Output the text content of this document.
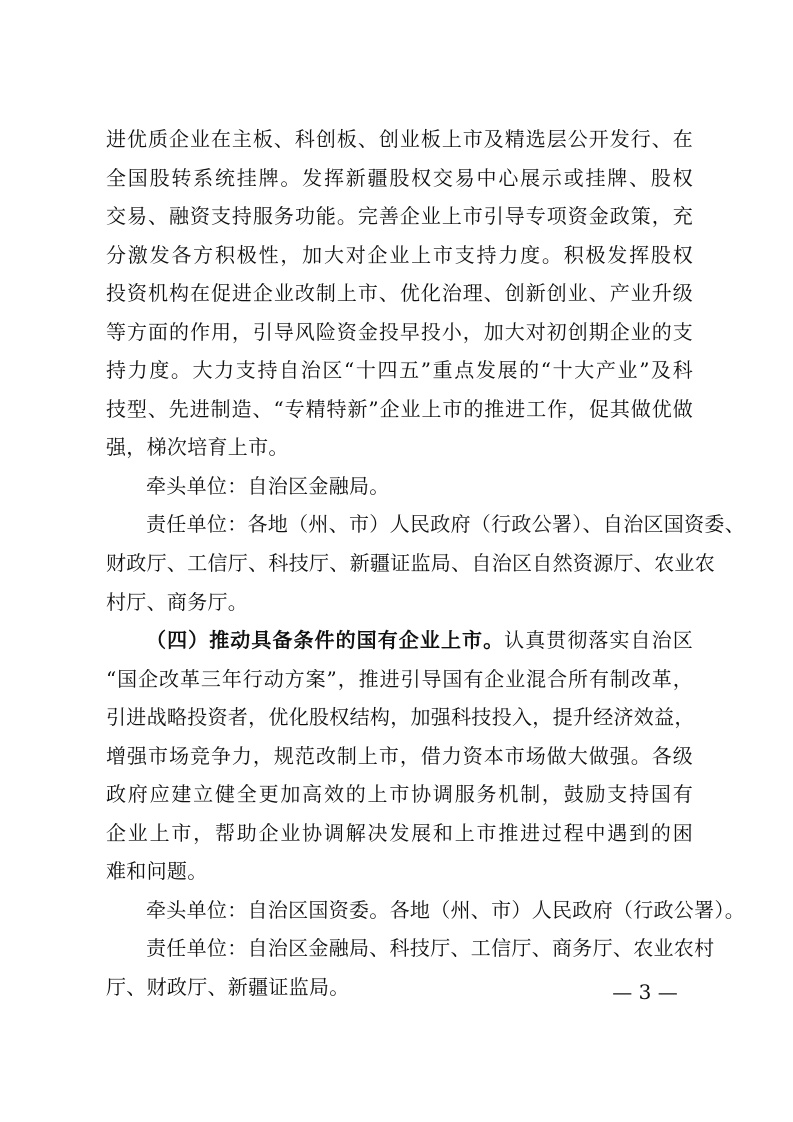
进优质企业在主板、科创板、创业板上市及精选层公开发行、在
全国股转系统挂牌。发挥新疆股权交易中心展示或挂牌、股权
交易、融资支持服务功能。完善企业上市引导专项资金政策，充
分激发各方积极性，加大对企业上市支持力度。积极发挥股权
投资机构在促进企业改制上市、优化治理、创新创业、产业升级
等方面的作用，引导风险资金投早投小，加大对初创期企业的支
持力度。大力支持自治区“十四五”重点发展的“十大产业”及科
技型、先进制造、“专精特新”企业上市的推进工作，促其做优做
强，梯次培育上市。
牵头单位：自治区金融局。
责任单位：各地（州、市）人民政府（行政公署）、自治区国资委、
财政厅、工信厅、科技厅、新疆证监局、自治区自然资源厅、农业农
村厅、商务厅。
（四）推动具备条件的国有企业上市。认真贯彻落实自治区
“国企改革三年行动方案”，推进引导国有企业混合所有制改革，
引进战略投资者，优化股权结构，加强科技投入，提升经济效益，
增强市场竞争力，规范改制上市，借力资本市场做大做强。各级
政府应建立健全更加高效的上市协调服务机制，鼓励支持国有
企业上市，帮助企业协调解决发展和上市推进过程中遇到的困
难和问题。
牵头单位：自治区国资委。各地（州、市）人民政府（行政公署）。
责任单位：自治区金融局、科技厅、工信厅、商务厅、农业农村
厅、财政厅、新疆证监局。	— 3 —
